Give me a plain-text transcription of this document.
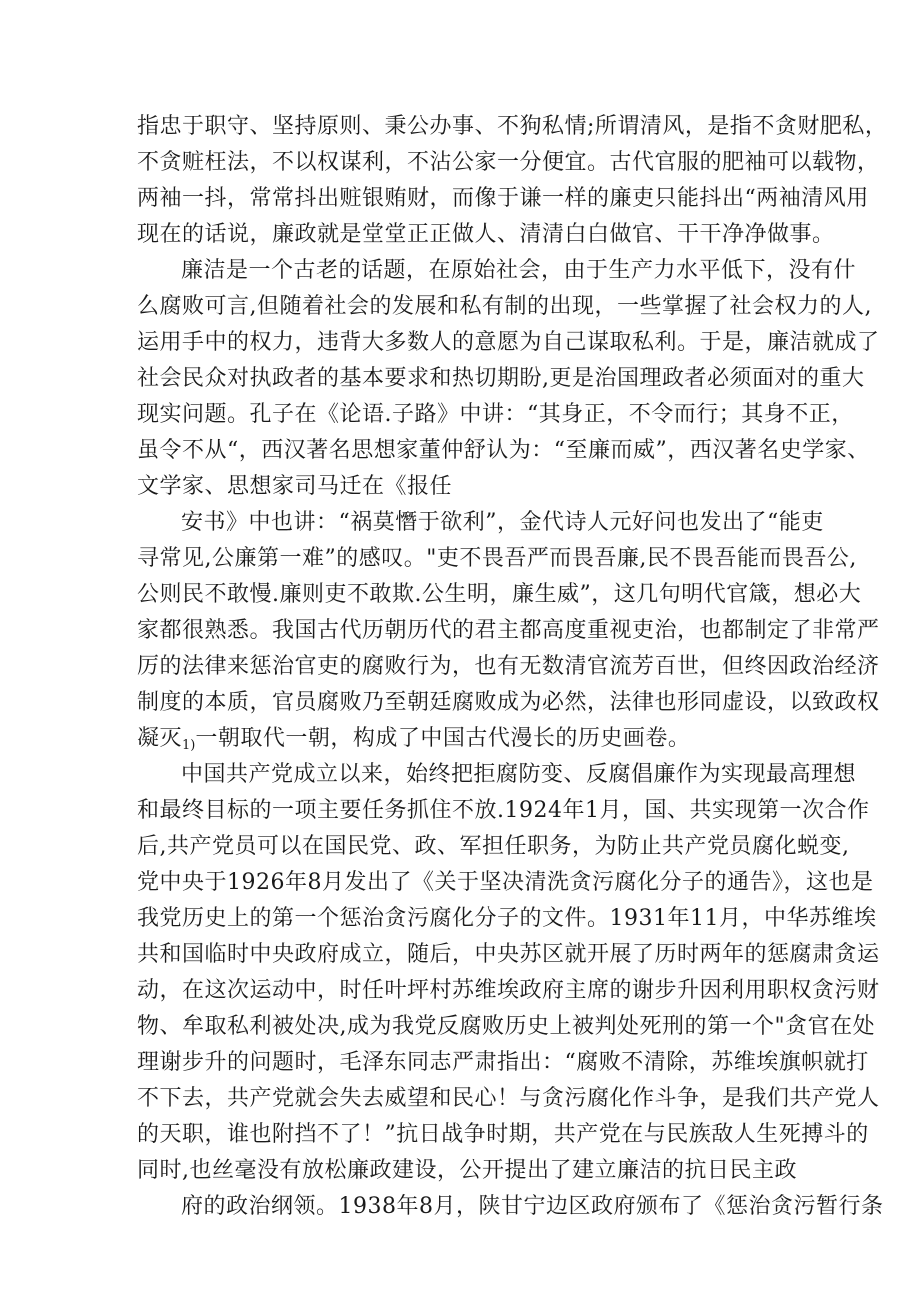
指忠于职守、坚持原则、秉公办事、不狗私情;所谓清风，是指不贪财肥私，
不贪赃枉法，不以权谋利，不沾公家一分便宜。古代官服的肥袖可以载物，
两袖一抖，常常抖出赃银贿财，而像于谦一样的廉吏只能抖出“两袖清风用
现在的话说，廉政就是堂堂正正做人、清清白白做官、干干净净做事。
廉洁是一个古老的话题，在原始社会，由于生产力水平低下，没有什
么腐败可言,但随着社会的发展和私有制的出现，一些掌握了社会权力的人,
运用手中的权力，违背大多数人的意愿为自己谋取私利。于是，廉洁就成了
社会民众对执政者的基本要求和热切期盼,更是治国理政者必须面对的重大
现实问题。孔子在《论语.子路》中讲：“其身正，不令而行；其身不正，
虽令不从“，西汉著名思想家董仲舒认为：“至廉而威”，西汉著名史学家、
文学家、思想家司马迁在《报任
安书》中也讲：“祸莫憯于欲利”，金代诗人元好问也发出了“能吏
寻常见,公廉第一难”的感叹。"吏不畏吾严而畏吾廉,民不畏吾能而畏吾公,
公则民不敢慢.廉则吏不敢欺.公生明，廉生威”，这几句明代官箴，想必大
家都很熟悉。我国古代历朝历代的君主都高度重视吏治，也都制定了非常严
厉的法律来惩治官吏的腐败行为，也有无数清官流芳百世，但终因政治经济
制度的本质，官员腐败乃至朝廷腐败成为必然，法律也形同虚设，以致政权
凝灭$_{1)}$一朝取代一朝，构成了中国古代漫长的历史画卷。
中国共产党成立以来，始终把拒腐防变、反腐倡廉作为实现最高理想
和最终目标的一项主要任务抓住不放.1924年1月，国、共实现第一次合作
后,共产党员可以在国民党、政、军担任职务，为防止共产党员腐化蜕变,
党中央于1926年8月发出了《关于坚决清洗贪污腐化分子的通告》，这也是
我党历史上的第一个惩治贪污腐化分子的文件。1931年11月，中华苏维埃
共和国临时中央政府成立，随后，中央苏区就开展了历时两年的惩腐肃贪运
动，在这次运动中，时任叶坪村苏维埃政府主席的谢步升因利用职权贪污财
物、牟取私利被处决,成为我党反腐败历史上被判处死刑的第一个"贪官在处
理谢步升的问题时，毛泽东同志严肃指出：“腐败不清除，苏维埃旗帜就打
不下去，共产党就会失去威望和民心！与贪污腐化作斗争，是我们共产党人
的天职，谁也附挡不了！”抗日战争时期，共产党在与民族敌人生死搏斗的
同时,也丝毫没有放松廉政建设，公开提出了建立廉洁的抗日民主政
府的政治纲领。1938年8月，陕甘宁边区政府颁布了《惩治贪污暂行条
